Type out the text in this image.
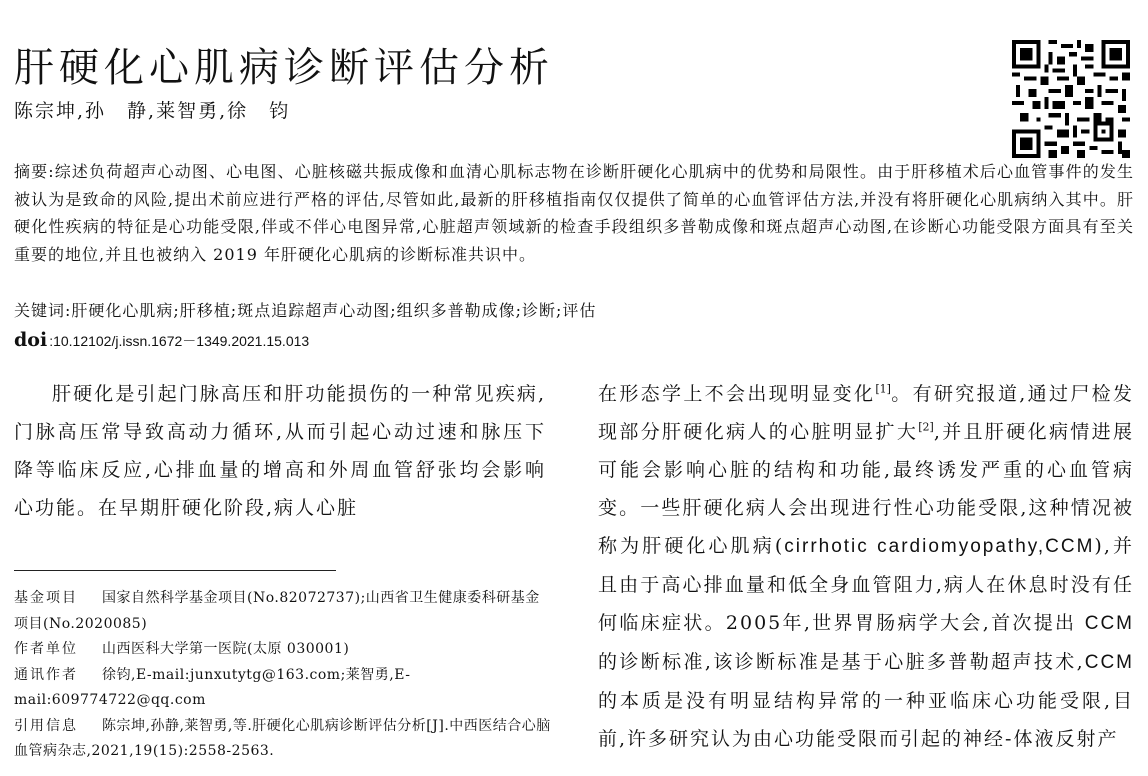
肝硬化心肌病诊断评估分析
陈宗坤,孙　静,莱智勇,徐　钧
摘要:综述负荷超声心动图、心电图、心脏核磁共振成像和血清心肌标志物在诊断肝硬化心肌病中的优势和局限性。由于肝移植术后心血管事件的发生被认为是致命的风险,提出术前应进行严格的评估,尽管如此,最新的肝移植指南仅仅提供了简单的心血管评估方法,并没有将肝硬化心肌病纳入其中。肝硬化性疾病的特征是心功能受限,伴或不伴心电图异常,心脏超声领域新的检查手段组织多普勒成像和斑点超声心动图,在诊断心功能受限方面具有至关重要的地位,并且也被纳入 2019 年肝硬化心肌病的诊断标准共识中。
关键词:肝硬化心肌病;肝移植;斑点追踪超声心动图;组织多普勒成像;诊断;评估
doi :10.12102/j.issn.1672－1349.2021.15.013

肝硬化是引起门脉高压和肝功能损伤的一种常见疾病,门脉高压常导致高动力循环,从而引起心动过速和脉压下降等临床反应,心排血量的增高和外周血管舒张均会影响心功能。在早期肝硬化阶段,病人心脏

在形态学上不会出现明显变化[1]。有研究报道,通过尸检发现部分肝硬化病人的心脏明显扩大[2],并且肝硬化病情进展可能会影响心脏的结构和功能,最终诱发严重的心血管病变。一些肝硬化病人会出现进行性心功能受限,这种情况被称为肝硬化心肌病(cirrhotic cardiomyopathy,CCM),并且由于高心排血量和低全身血管阻力,病人在休息时没有任何临床症状。2005年,世界胃肠病学大会,首次提出 CCM 的诊断标准,该诊断标准是基于心脏多普勒超声技术,CCM 的本质是没有明显结构异常的一种亚临床心功能受限,目前,许多研究认为由心功能受限而引起的神经-体液反射产

基金项目 国家自然科学基金项目(No.82072737);山西省卫生健康委科研基金项目(No.2020085)
作者单位 山西医科大学第一医院(太原 030001)
通讯作者 徐钧,E-mail:junxutytg@163.com;莱智勇,E-mail:609774722@qq.com
引用信息 陈宗坤,孙静,莱智勇,等.肝硬化心肌病诊断评估分析[J].中西医结合心脑血管病杂志,2021,19(15):2558-2563.
